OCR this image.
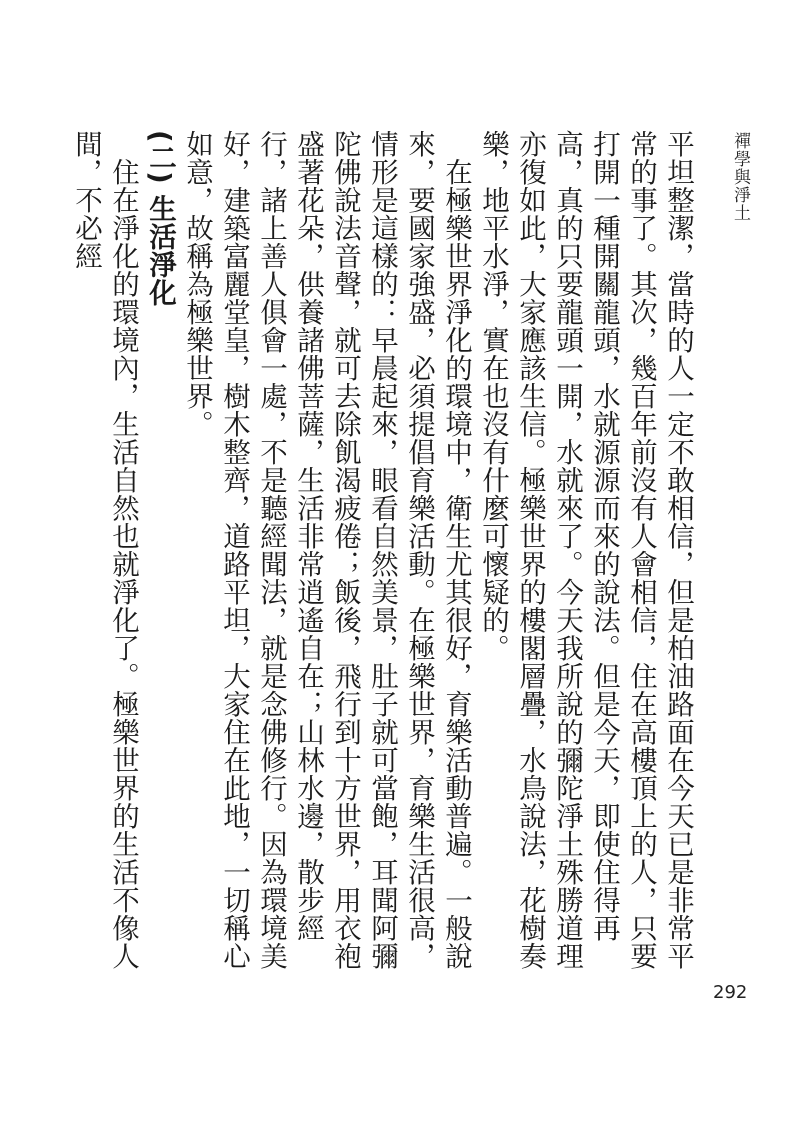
禪學與淨土
292

平坦整潔，當時的人一定不敢相信，但是柏油路面在今天已是非常平常的事了。其次，幾百年前沒有人會相信，住在高樓頂上的人，只要打開一種開關龍頭，水就源源而來的說法。但是今天，即使住得再高，真的只要龍頭一開，水就來了。今天我所說的彌陀淨土殊勝道理亦復如此，大家應該生信。極樂世界的樓閣層疊，水鳥說法，花樹奏樂，地平水淨，實在也沒有什麼可懷疑的。

在極樂世界淨化的環境中，衛生尤其很好，育樂活動普遍。一般說來，要國家強盛，必須提倡育樂活動。在極樂世界，育樂生活很高，情形是這樣的：早晨起來，眼看自然美景，肚子就可當飽，耳聞阿彌陀佛說法音聲，就可去除飢渴疲倦；飯後，飛行到十方世界，用衣袍盛著花朵，供養諸佛菩薩，生活非常逍遙自在；山林水邊，散步經行，諸上善人俱會一處，不是聽經聞法，就是念佛修行。因為環境美好，建築富麗堂皇，樹木整齊，道路平坦，大家住在此地，一切稱心如意，故稱為極樂世界。

(二) 生活淨化

住在淨化的環境內，生活自然也就淨化了。極樂世界的生活不像人間，不必經
